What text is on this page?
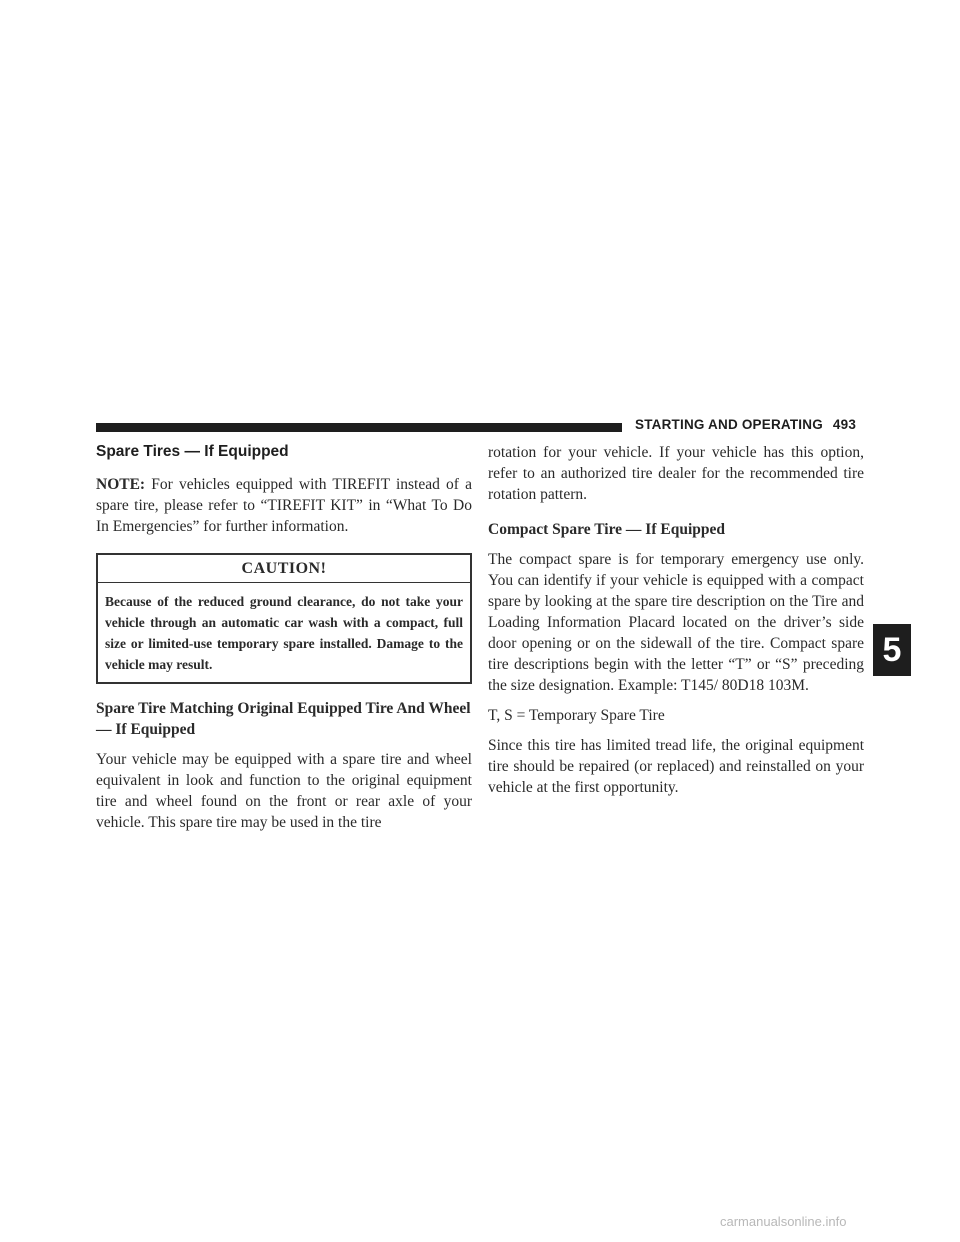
STARTING AND OPERATING 493
Spare Tires — If Equipped

NOTE: For vehicles equipped with TIREFIT instead of a spare tire, please refer to “TIREFIT KIT” in “What To Do In Emergencies” for further information.

CAUTION!
Because of the reduced ground clearance, do not take your vehicle through an automatic car wash with a compact, full size or limited-use temporary spare installed. Damage to the vehicle may result.
Spare Tire Matching Original Equipped Tire And Wheel — If Equipped

Your vehicle may be equipped with a spare tire and wheel equivalent in look and function to the original equipment tire and wheel found on the front or rear axle of your vehicle. This spare tire may be used in the tire

rotation for your vehicle. If your vehicle has this option, refer to an authorized tire dealer for the recommended tire rotation pattern.

Compact Spare Tire — If Equipped

The compact spare is for temporary emergency use only. You can identify if your vehicle is equipped with a compact spare by looking at the spare tire description on the Tire and Loading Information Placard located on the driver’s side door opening or on the sidewall of the tire. Compact spare tire descriptions begin with the letter “T” or “S” preceding the size designation. Example: T145/ 80D18 103M.

T, S = Temporary Spare Tire

Since this tire has limited tread life, the original equipment tire should be repaired (or replaced) and reinstalled on your vehicle at the first opportunity.

5
carmanualsonline.info
